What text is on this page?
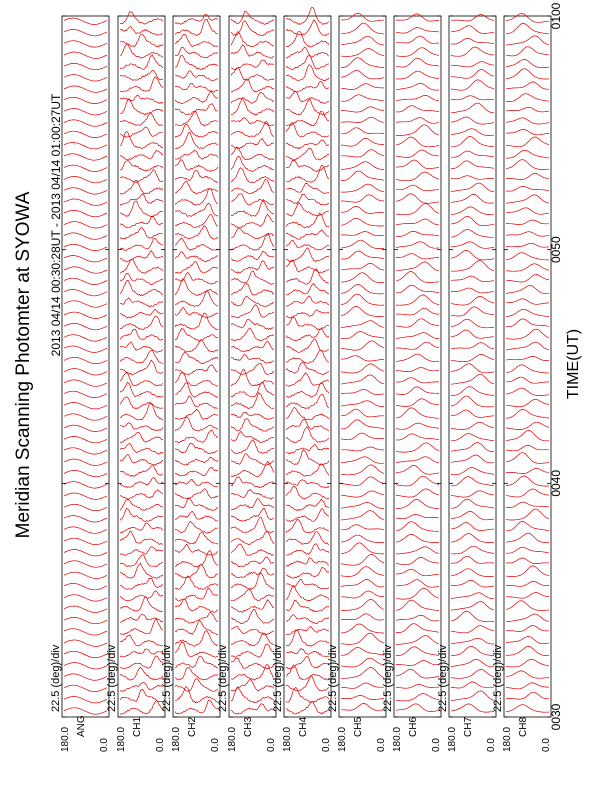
Meridian Scanning Photomter at SYOWA 2013 04/14 00:30:28UT - 2013 04/14 01:00:27UT
TIME(UT)
22.5 (deg)/div
180.0	0.0
ANG
22.5 (deg)/div
180.0	0.0
CH1
22.5 (deg)/div
180.0	0.0
CH2
22.5 (deg)/div
180.0	0.0
CH3
22.5 (deg)/div
180.0	0.0
CH4
22.5 (deg)/div
180.0	0.0
CH5
22.5 (deg)/div
180.0	0.0
CH6
22.5 (deg)/div
180.0	0.0
CH7
22.5 (deg)/div
180.0	0.0
CH8 0030
0040
0050
0100
